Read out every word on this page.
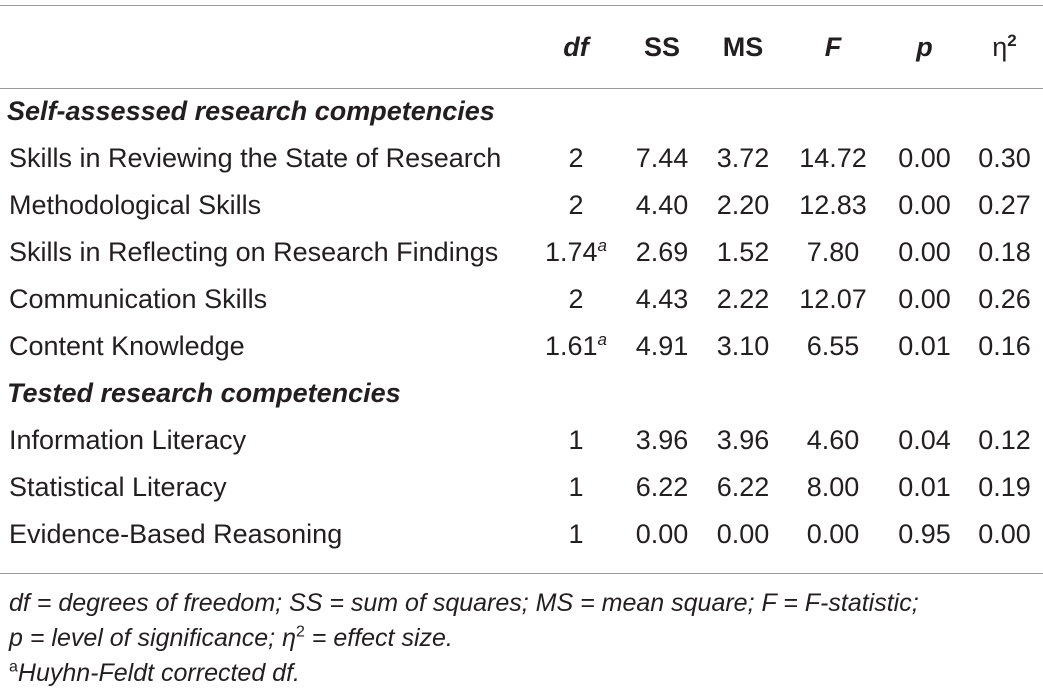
	df	SS	MS	F	p	$\eta^2$
Self-assessed research competencies						
Skills in Reviewing the State of Research	2	7.44	3.72	14.72	0.00	0.30
Methodological Skills	2	4.40	2.20	12.83	0.00	0.27
Skills in Reflecting on Research Findings	1.74$^a$	2.69	1.52	7.80	0.00	0.18
Communication Skills	2	4.43	2.22	12.07	0.00	0.26
Content Knowledge	1.61$^a$	4.91	3.10	6.55	0.01	0.16
Tested research competencies						
Information Literacy	1	3.96	3.96	4.60	0.04	0.12
Statistical Literacy	1	6.22	6.22	8.00	0.01	0.19
Evidence-Based Reasoning	1	0.00	0.00	0.00	0.95	0.00
df = degrees of freedom; SS = sum of squares; MS = mean square; F = F-statistic;
p = level of significance; $\eta^2$ = effect size.
$^a$Huyhn-Feldt corrected df.
